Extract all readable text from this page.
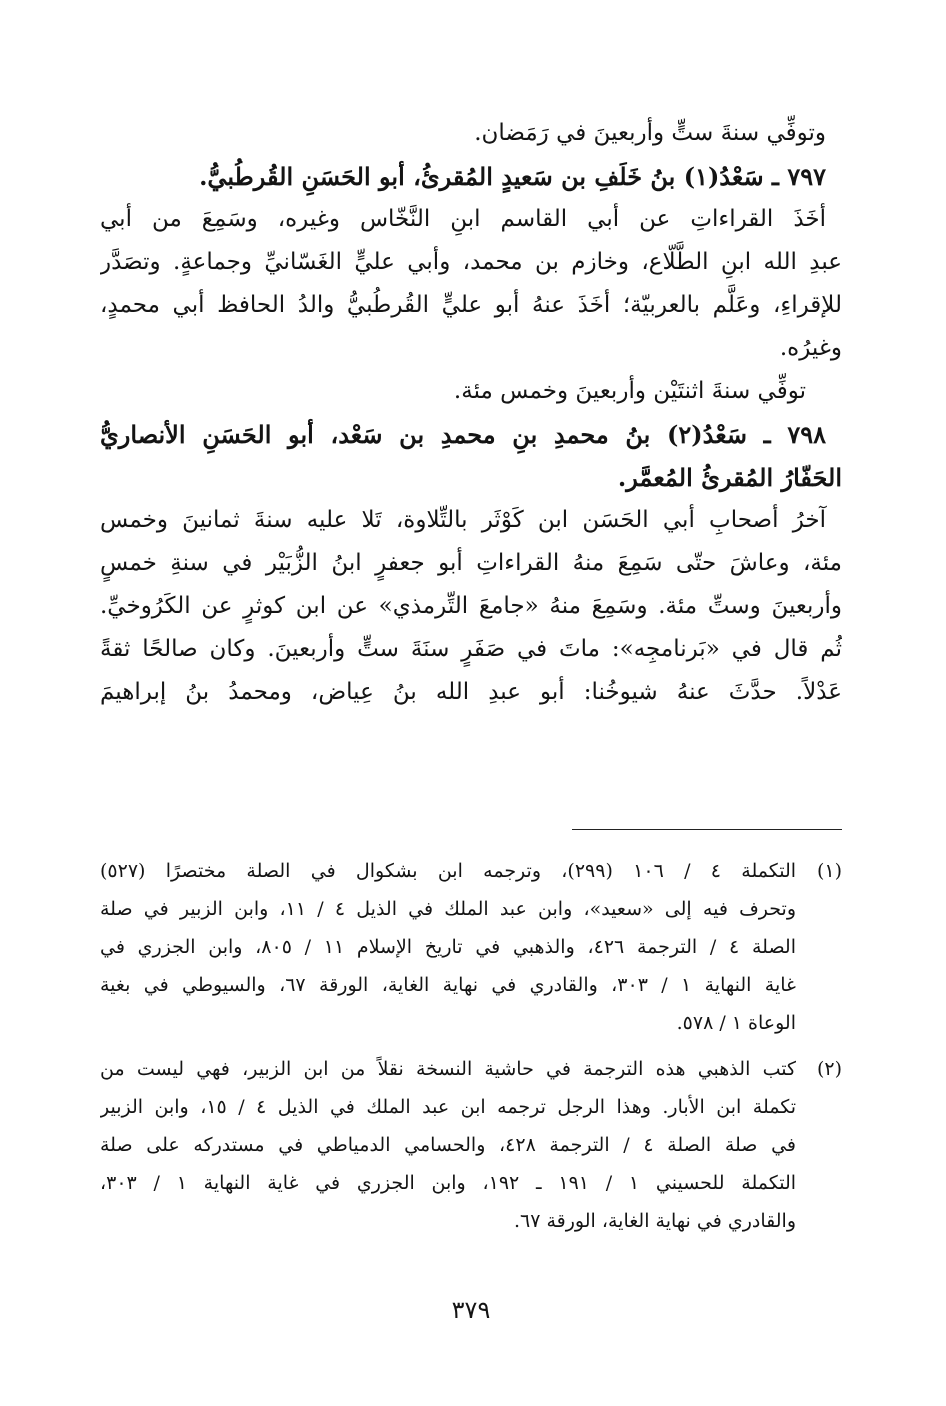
وتوفِّي سنةَ ستٍّ وأربعينَ في رَمَضان.
٧٩٧ ـ سَعْدُ(١) بنُ خَلَفِ بن سَعيدٍ المُقرئُ، أبو الحَسَنِ القُرطُبيُّ.
أخَذَ القراءاتِ عن أبي القاسم ابنِ النَّخّاس وغيره، وسَمِعَ من أبي
عبدِ الله ابنِ الطَّلّاع، وخازم بن محمد، وأبي عليٍّ الغَسّانيِّ وجماعةٍ. وتصَدَّر
للإقراءِ، وعَلَّم بالعربيّة؛ أخَذَ عنهُ أبو عليٍّ القُرطُبيُّ والدُ الحافظ أبي محمدٍ،
وغيرُه.
توفِّي سنةَ اثنتَيْن وأربعينَ وخمس مئة.
٧٩٨ ـ سَعْدُ(٢) بنُ محمدِ بنِ محمدِ بن سَعْد، أبو الحَسَنِ الأنصاريُّ
الحَفّارُ المُقرئُ المُعمَّر.
آخرُ أصحابِ أبي الحَسَن ابن كَوْثَر بالتِّلاوة، تَلا عليه سنةَ ثمانينَ وخمس
مئة، وعاشَ حتّى سَمِعَ منهُ القراءاتِ أبو جعفرٍ ابنُ الزُّبَيْر في سنةِ خمسٍ
وأربعينَ وستِّ مئة. وسَمِعَ منهُ «جامعَ التِّرمذي» عن ابن كوثرٍ عن الكَرُوخيِّ.
ثُم قال في «بَرنامجِه»: ماتَ في صَفَرٍ سنَةَ ستٍّ وأربعينَ. وكان صالحًا ثقةً
عَدْلاً. حدَّثَ عنهُ شيوخُنا: أبو عبدِ الله بنُ عِياض، ومحمدُ بنُ إبراهيمَ
(١)
التكملة ٤ / ١٠٦ (٢٩٩)، وترجمه ابن بشكوال في الصلة مختصرًا (٥٢٧)
وتحرف فيه إلى «سعيد»، وابن عبد الملك في الذيل ٤ / ١١، وابن الزبير في صلة
الصلة ٤ / الترجمة ٤٢٦، والذهبي في تاريخ الإسلام ١١ / ٨٠٥، وابن الجزري في
غاية النهاية ١ / ٣٠٣، والقادري في نهاية الغاية، الورقة ٦٧، والسيوطي في بغية
الوعاة ١ / ٥٧٨.
(٢)
كتب الذهبي هذه الترجمة في حاشية النسخة نقلاً من ابن الزبير، فهي ليست من
تكملة ابن الأبار. وهذا الرجل ترجمه ابن عبد الملك في الذيل ٤ / ١٥، وابن الزبير
في صلة الصلة ٤ / الترجمة ٤٢٨، والحسامي الدمياطي في مستدركه على صلة
التكملة للحسيني ١ / ١٩١ ـ ١٩٢، وابن الجزري في غاية النهاية ١ / ٣٠٣،
والقادري في نهاية الغاية، الورقة ٦٧.
٣٧٩
